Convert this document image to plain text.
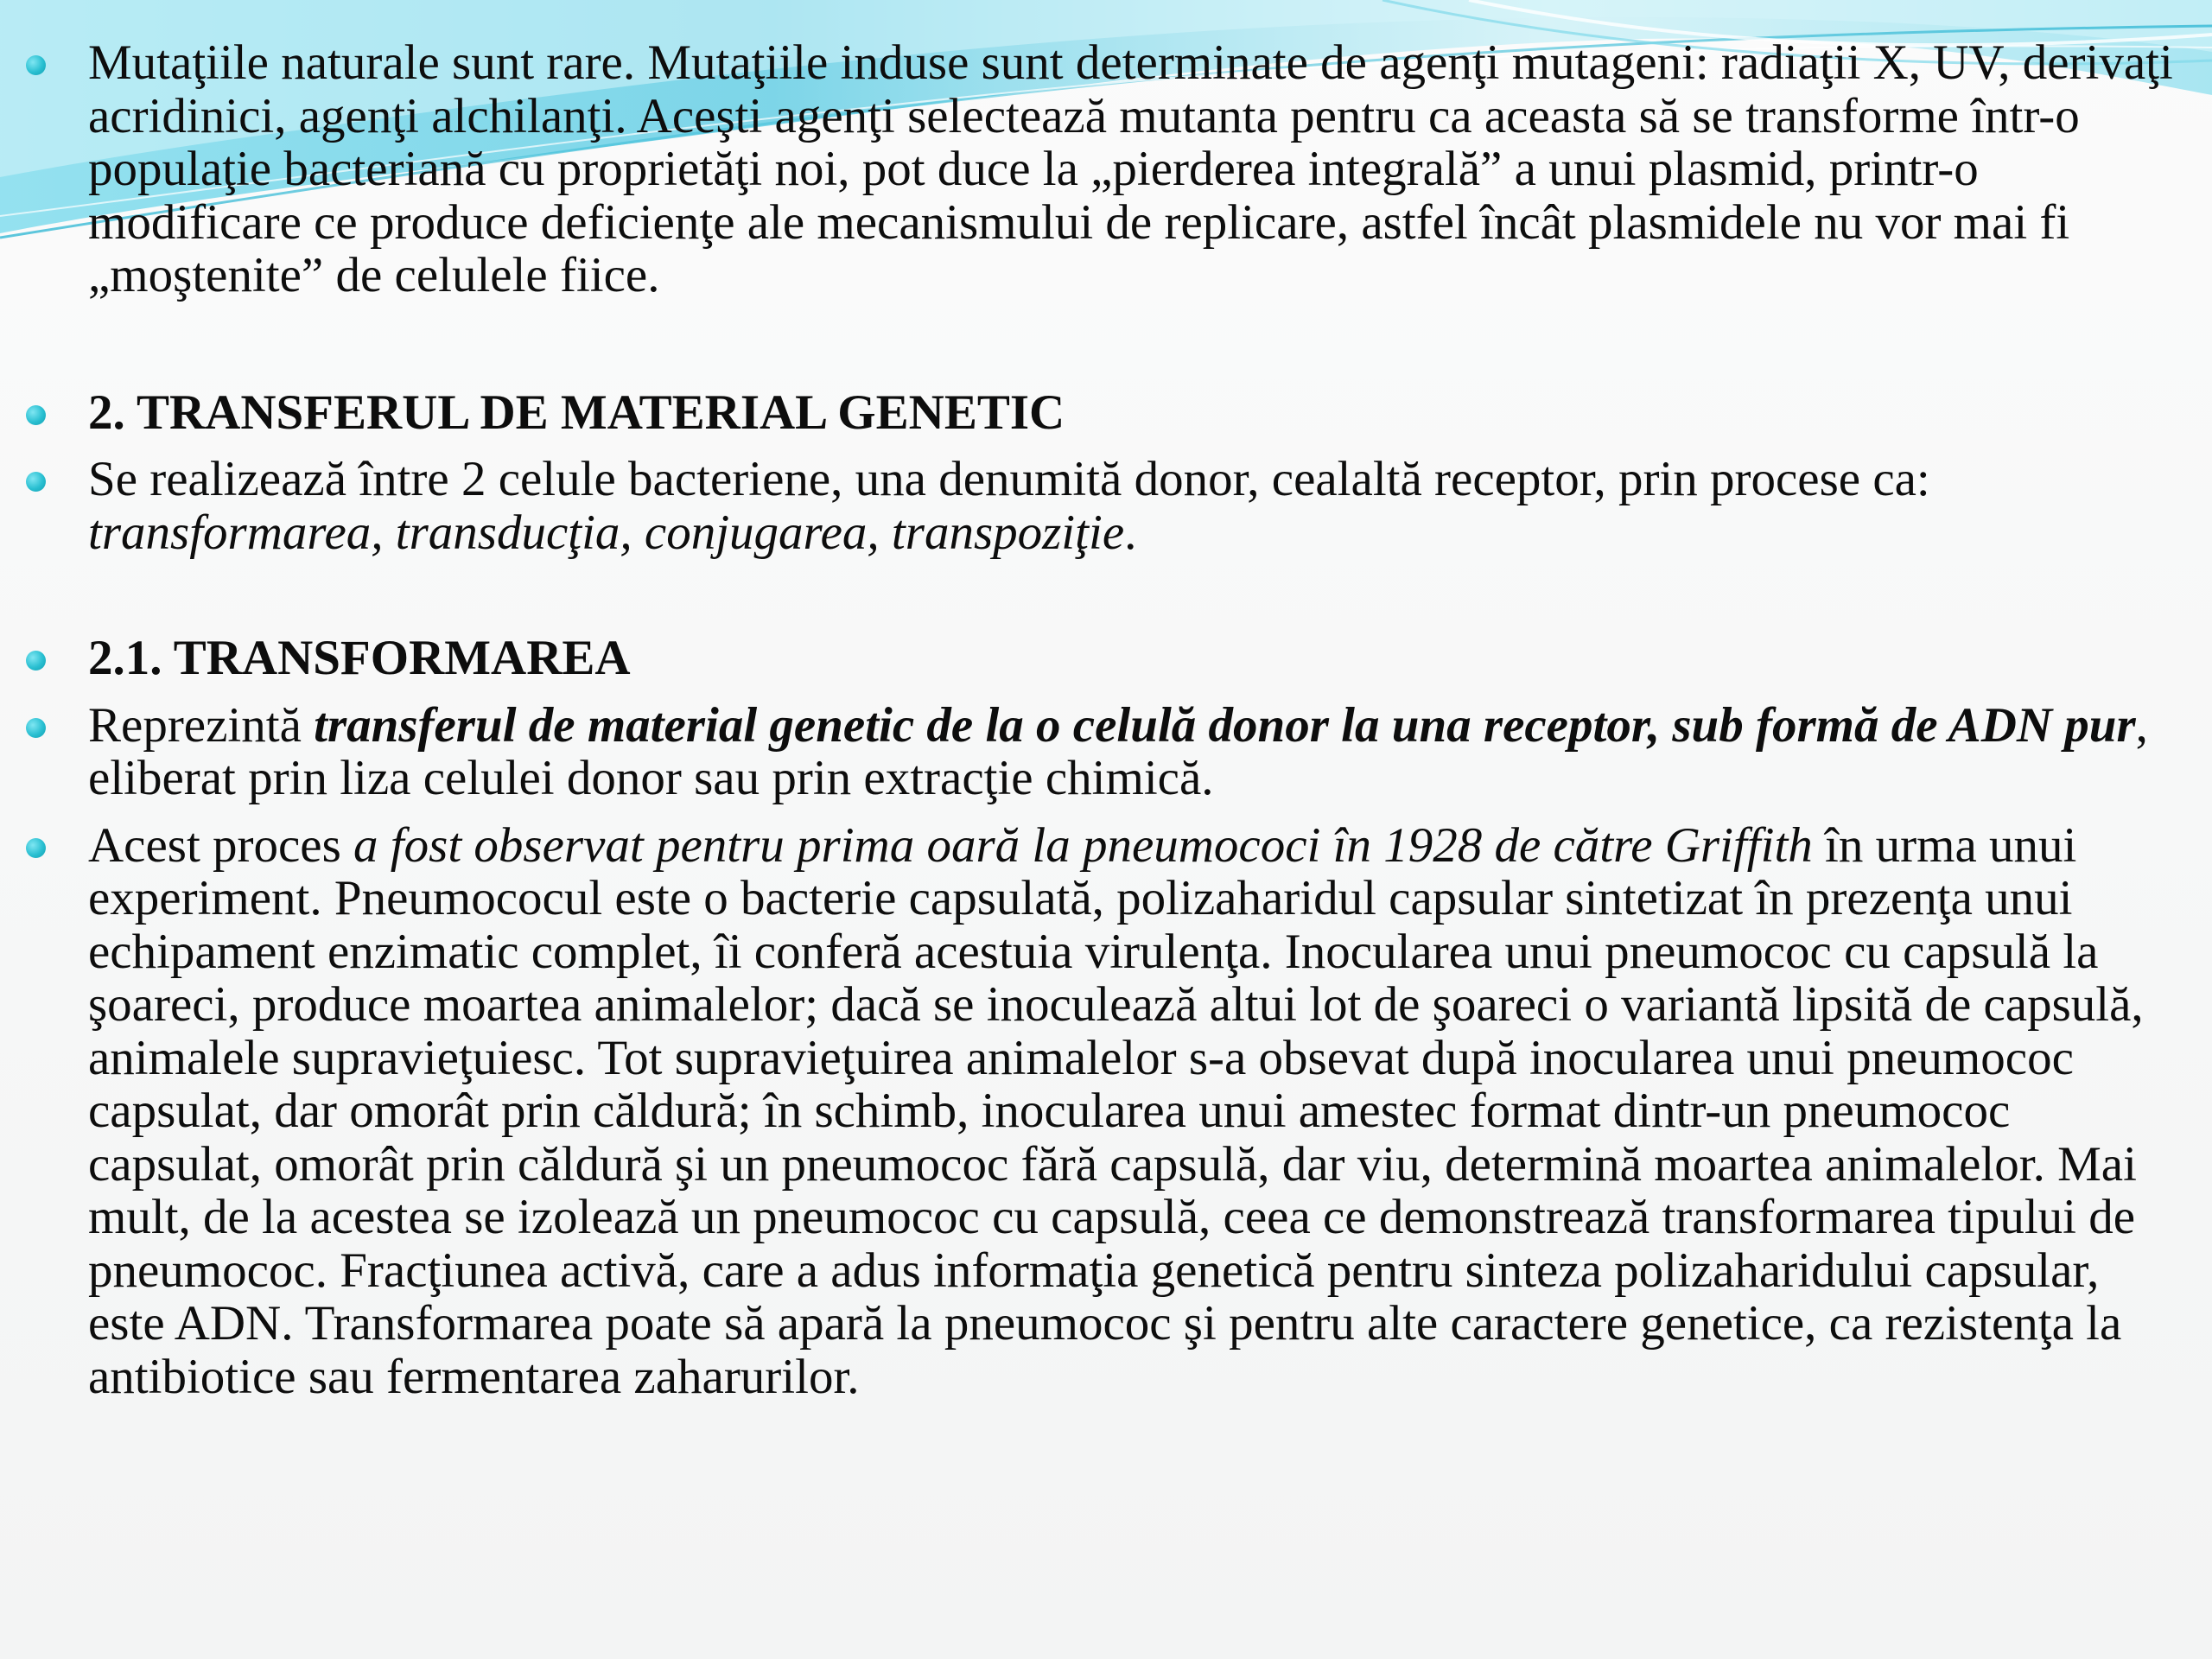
Mutaţiile naturale sunt rare. Mutaţiile induse sunt determinate de agenţi mutageni: radiaţii X, UV, derivaţi acridinici, agenţi alchilanţi. Aceşti agenţi selectează mutanta pentru ca aceasta să se transforme într-o populaţie bacteriană cu proprietăţi noi, pot duce la „pierderea integrală” a unui plasmid, printr-o modificare ce produce deficienţe ale mecanismului de replicare, astfel încât plasmidele nu vor mai fi „moştenite” de celulele fiice.

2. TRANSFERUL DE MATERIAL GENETIC

Se realizează între 2 celule bacteriene, una denumită donor, cealaltă receptor, prin procese ca: transformarea, transducţia, conjugarea, transpoziţie.

2.1. TRANSFORMAREA

Reprezintă transferul de material genetic de la o celulă donor la una receptor, sub formă de ADN pur, eliberat prin liza celulei donor sau prin extracţie chimică.

Acest proces a fost observat pentru prima oară la pneumococi în 1928 de către Griffith în urma unui experiment. Pneumococul este o bacterie capsulată, polizaharidul capsular sintetizat în prezenţa unui echipament enzimatic complet, îi conferă acestuia virulenţa. Inocularea unui pneumococ cu capsulă la şoareci, produce moartea animalelor; dacă se inoculează altui lot de şoareci o variantă lipsită de capsulă, animalele supravieţuiesc. Tot supravieţuirea animalelor s-a obsevat după inocularea unui pneumococ capsulat, dar omorât prin căldură; în schimb, inocularea unui amestec format dintr-un pneumococ capsulat, omorât prin căldură şi un pneumococ fără capsulă, dar viu, determină moartea animalelor. Mai mult, de la acestea se izolează un pneumococ cu capsulă, ceea ce demonstrează transformarea tipului de pneumococ. Fracţiunea activă, care a adus informaţia genetică pentru sinteza polizaharidului capsular, este ADN. Transformarea poate să apară la pneumococ şi pentru alte caractere genetice, ca rezistenţa la antibiotice sau fermentarea zaharurilor.
